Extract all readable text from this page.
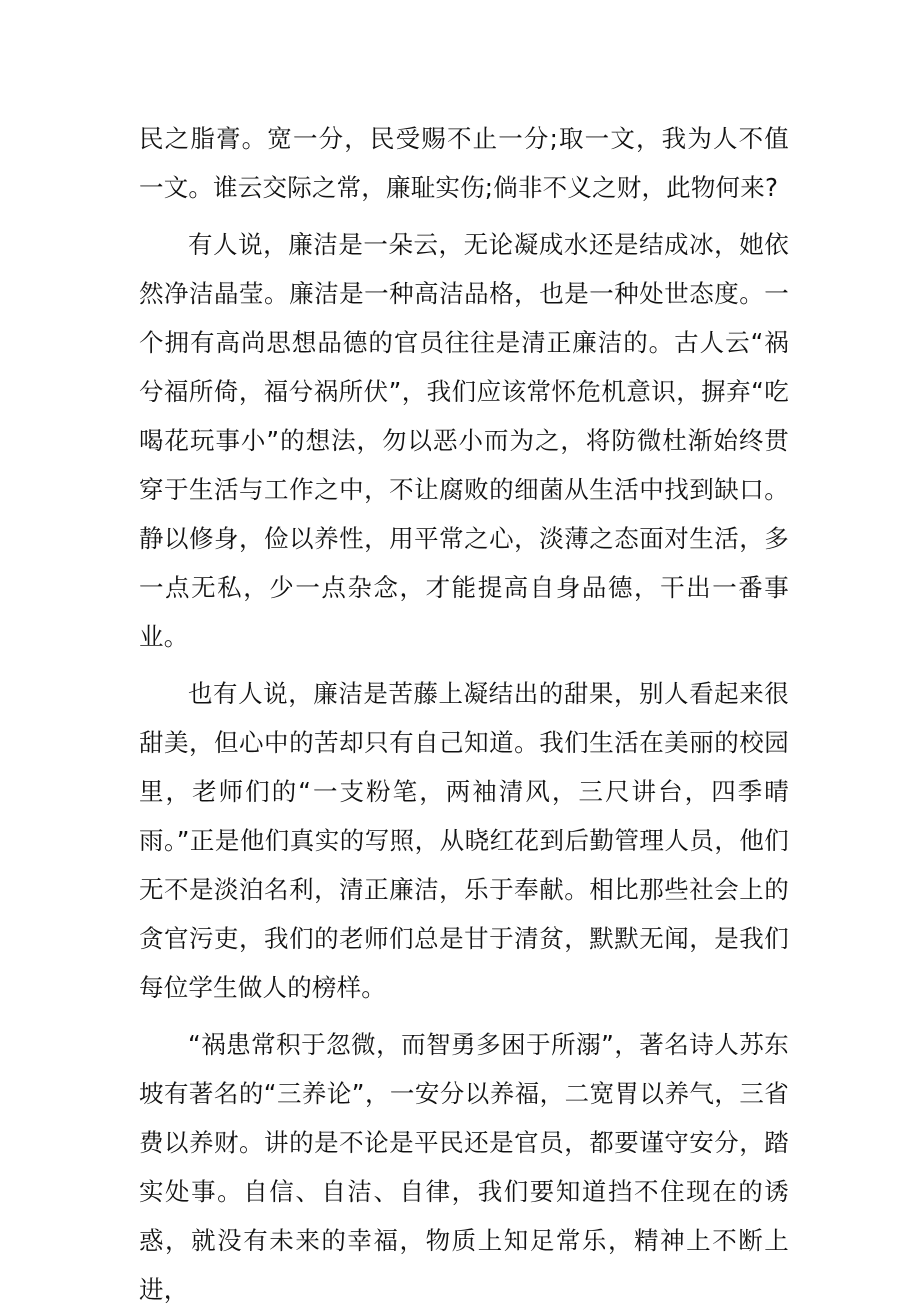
民之脂膏。宽一分，民受赐不止一分;取一文，我为人不值一文。谁云交际之常，廉耻实伤;倘非不义之财，此物何来?

有人说，廉洁是一朵云，无论凝成水还是结成冰，她依然净洁晶莹。廉洁是一种高洁品格，也是一种处世态度。一个拥有高尚思想品德的官员往往是清正廉洁的。古人云“祸兮福所倚，福兮祸所伏”，我们应该常怀危机意识，摒弃“吃喝花玩事小”的想法，勿以恶小而为之，将防微杜渐始终贯穿于生活与工作之中，不让腐败的细菌从生活中找到缺口。静以修身，俭以养性，用平常之心，淡薄之态面对生活，多一点无私，少一点杂念，才能提高自身品德，干出一番事业。

也有人说，廉洁是苦藤上凝结出的甜果，别人看起来很甜美，但心中的苦却只有自己知道。我们生活在美丽的校园里，老师们的“一支粉笔，两袖清风，三尺讲台，四季晴雨。”正是他们真实的写照，从晓红花到后勤管理人员，他们无不是淡泊名利，清正廉洁，乐于奉献。相比那些社会上的贪官污吏，我们的老师们总是甘于清贫，默默无闻，是我们每位学生做人的榜样。

“祸患常积于忽微，而智勇多困于所溺”，著名诗人苏东坡有著名的“三养论”，一安分以养福，二宽胃以养气，三省费以养财。讲的是不论是平民还是官员，都要谨守安分，踏实处事。自信、自洁、自律，我们要知道挡不住现在的诱惑，就没有未来的幸福，物质上知足常乐，精神上不断上进，
